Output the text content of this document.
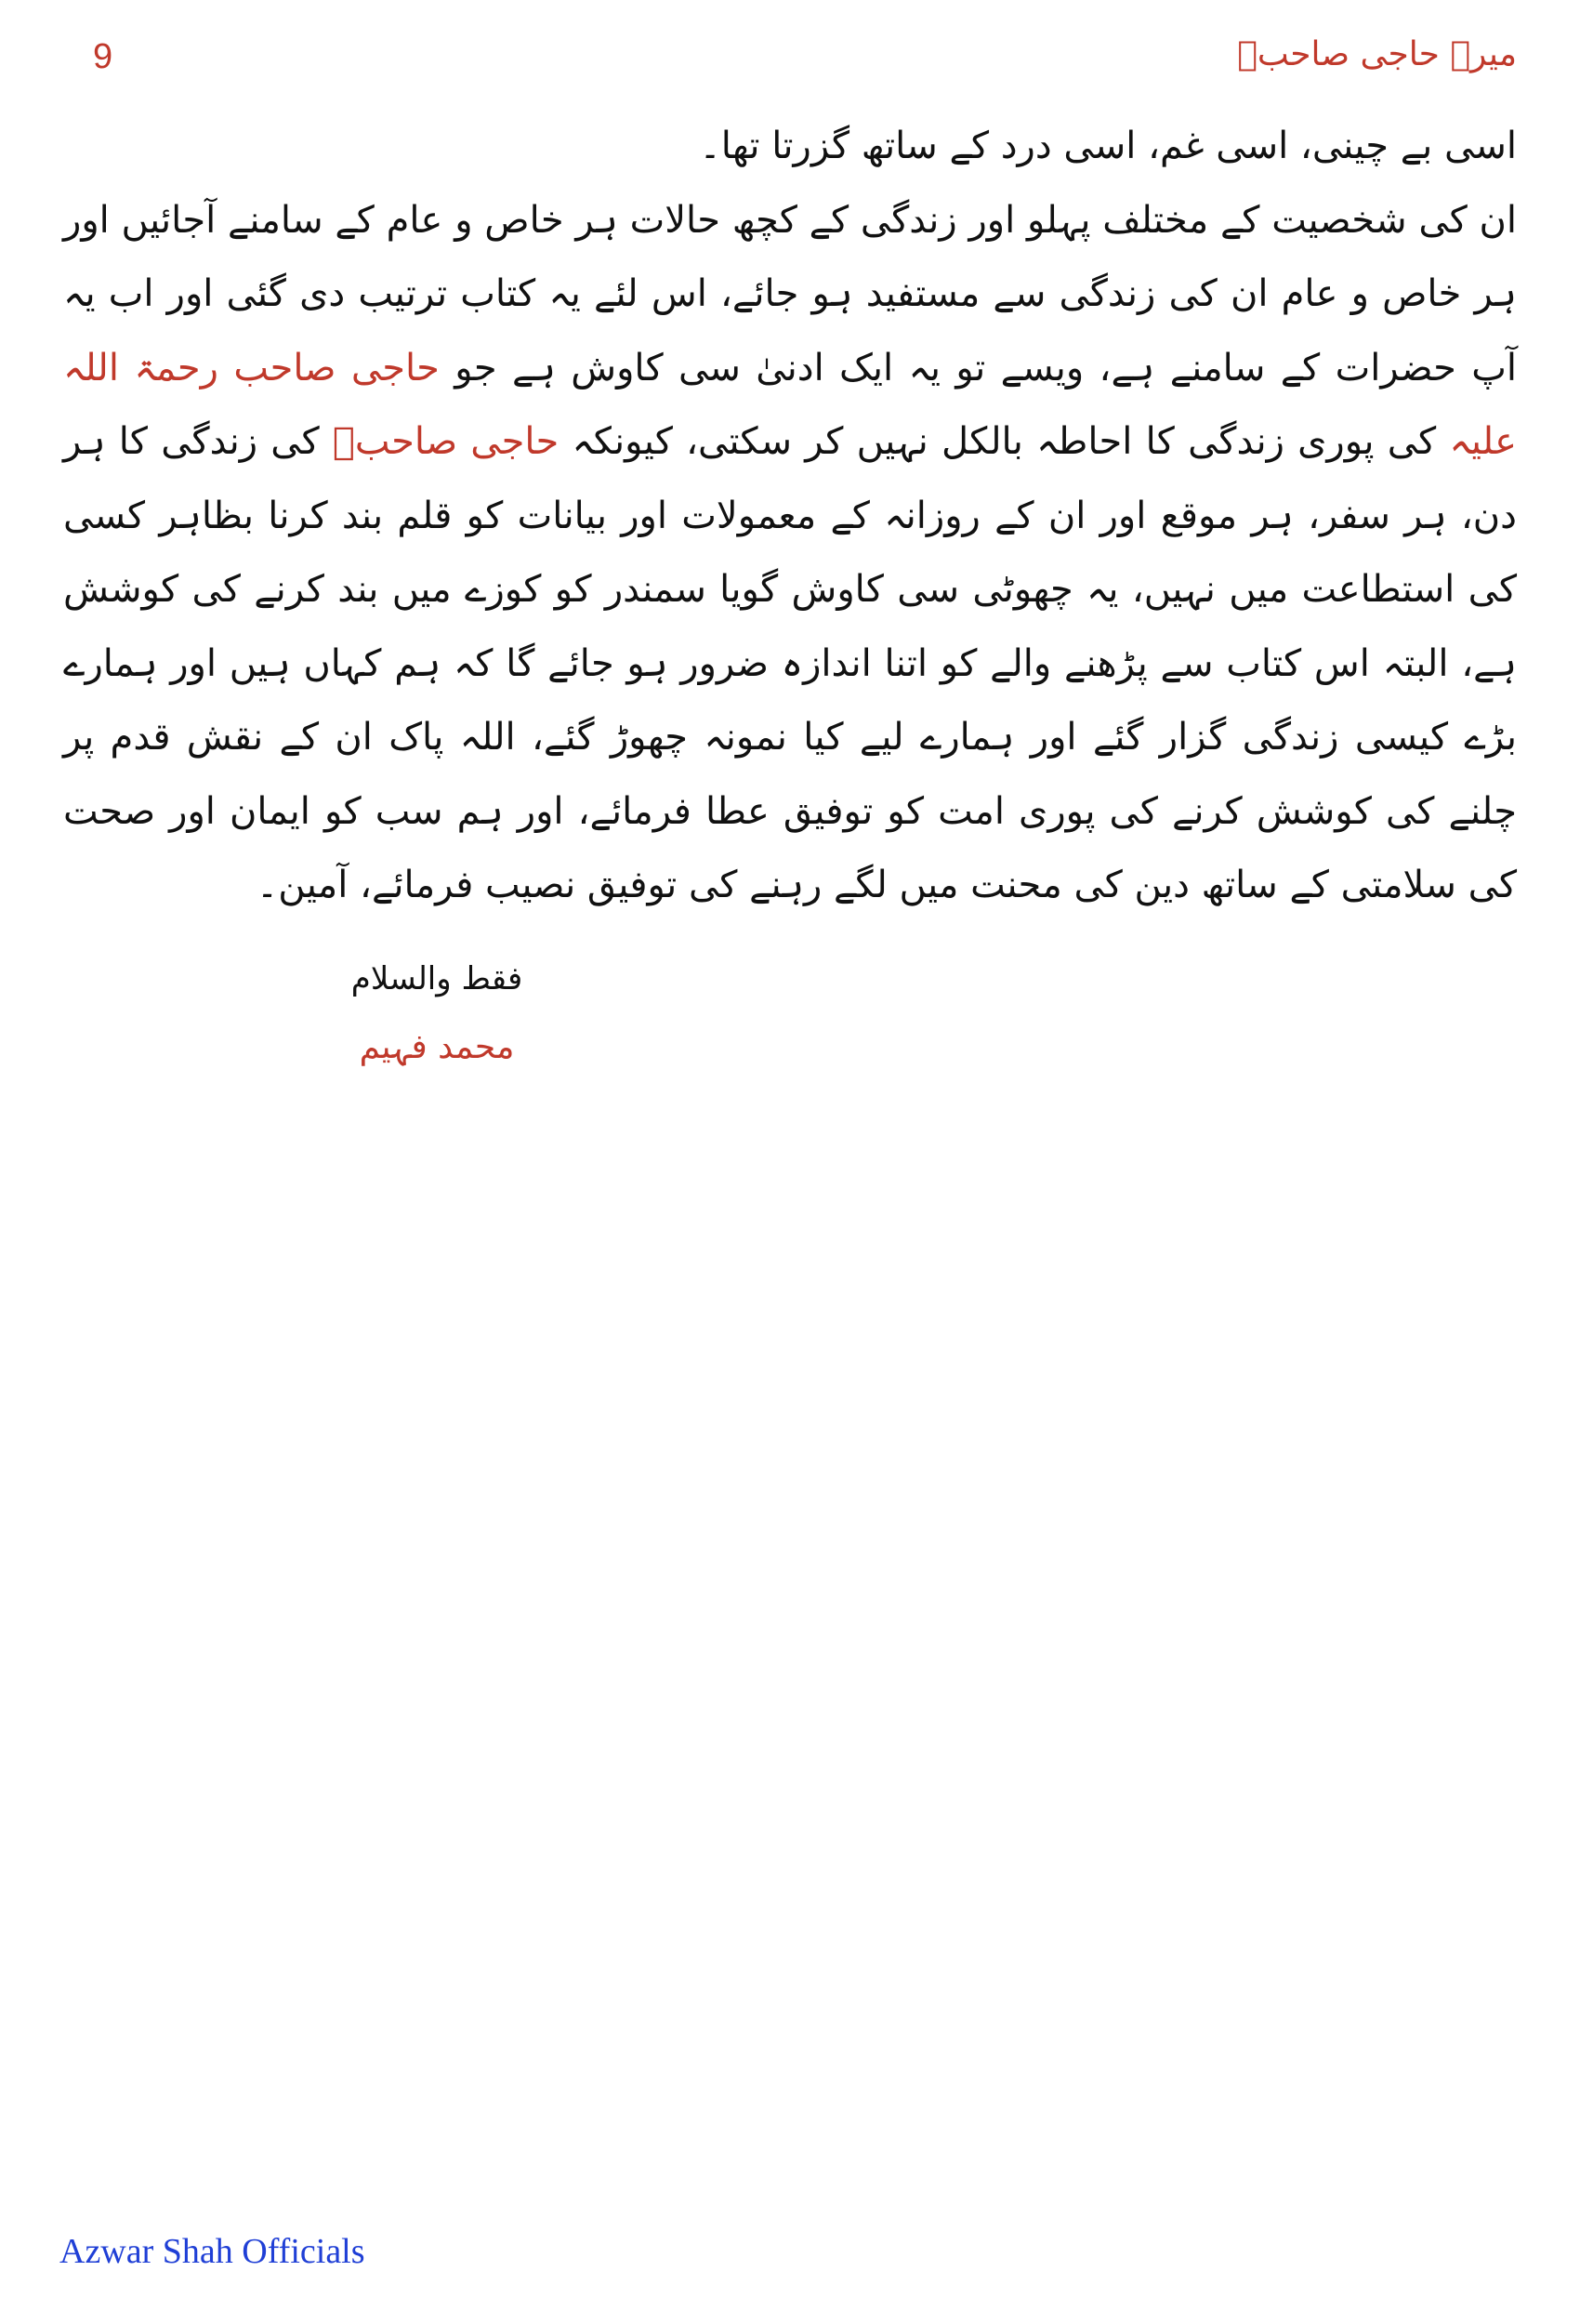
9	میرے حاجی صاحبؒ

اسی بے چینی، اسی غم، اسی درد کے ساتھ گزرتا تھا۔

ان کی شخصیت کے مختلف پہلو اور زندگی کے کچھ حالات ہر خاص و عام کے سامنے آجائیں اور ہر خاص و عام ان کی زندگی سے مستفید ہو جائے، اس لئے یہ کتاب ترتیب دی گئی اور اب یہ آپ حضرات کے سامنے ہے، ویسے تو یہ ایک ادنیٰ سی کاوش ہے جو حاجی صاحب رحمۃ اللہ علیہ کی پوری زندگی کا احاطہ بالکل نہیں کر سکتی، کیونکہ حاجی صاحبؒ کی زندگی کا ہر دن، ہر سفر، ہر موقع اور ان کے روزانہ کے معمولات اور بیانات کو قلم بند کرنا بظاہر کسی کی استطاعت میں نہیں، یہ چھوٹی سی کاوش گویا سمندر کو کوزے میں بند کرنے کی کوشش ہے، البتہ اس کتاب سے پڑھنے والے کو اتنا اندازہ ضرور ہو جائے گا کہ ہم کہاں ہیں اور ہمارے بڑے کیسی زندگی گزار گئے اور ہمارے لیے کیا نمونہ چھوڑ گئے، اللہ پاک ان کے نقش قدم پر چلنے کی کوشش کرنے کی پوری امت کو توفیق عطا فرمائے، اور ہم سب کو ایمان اور صحت کی سلامتی کے ساتھ دین کی محنت میں لگے رہنے کی توفیق نصیب فرمائے، آمین۔

فقط والسلام
محمد فہیم
Azwar Shah Officials
